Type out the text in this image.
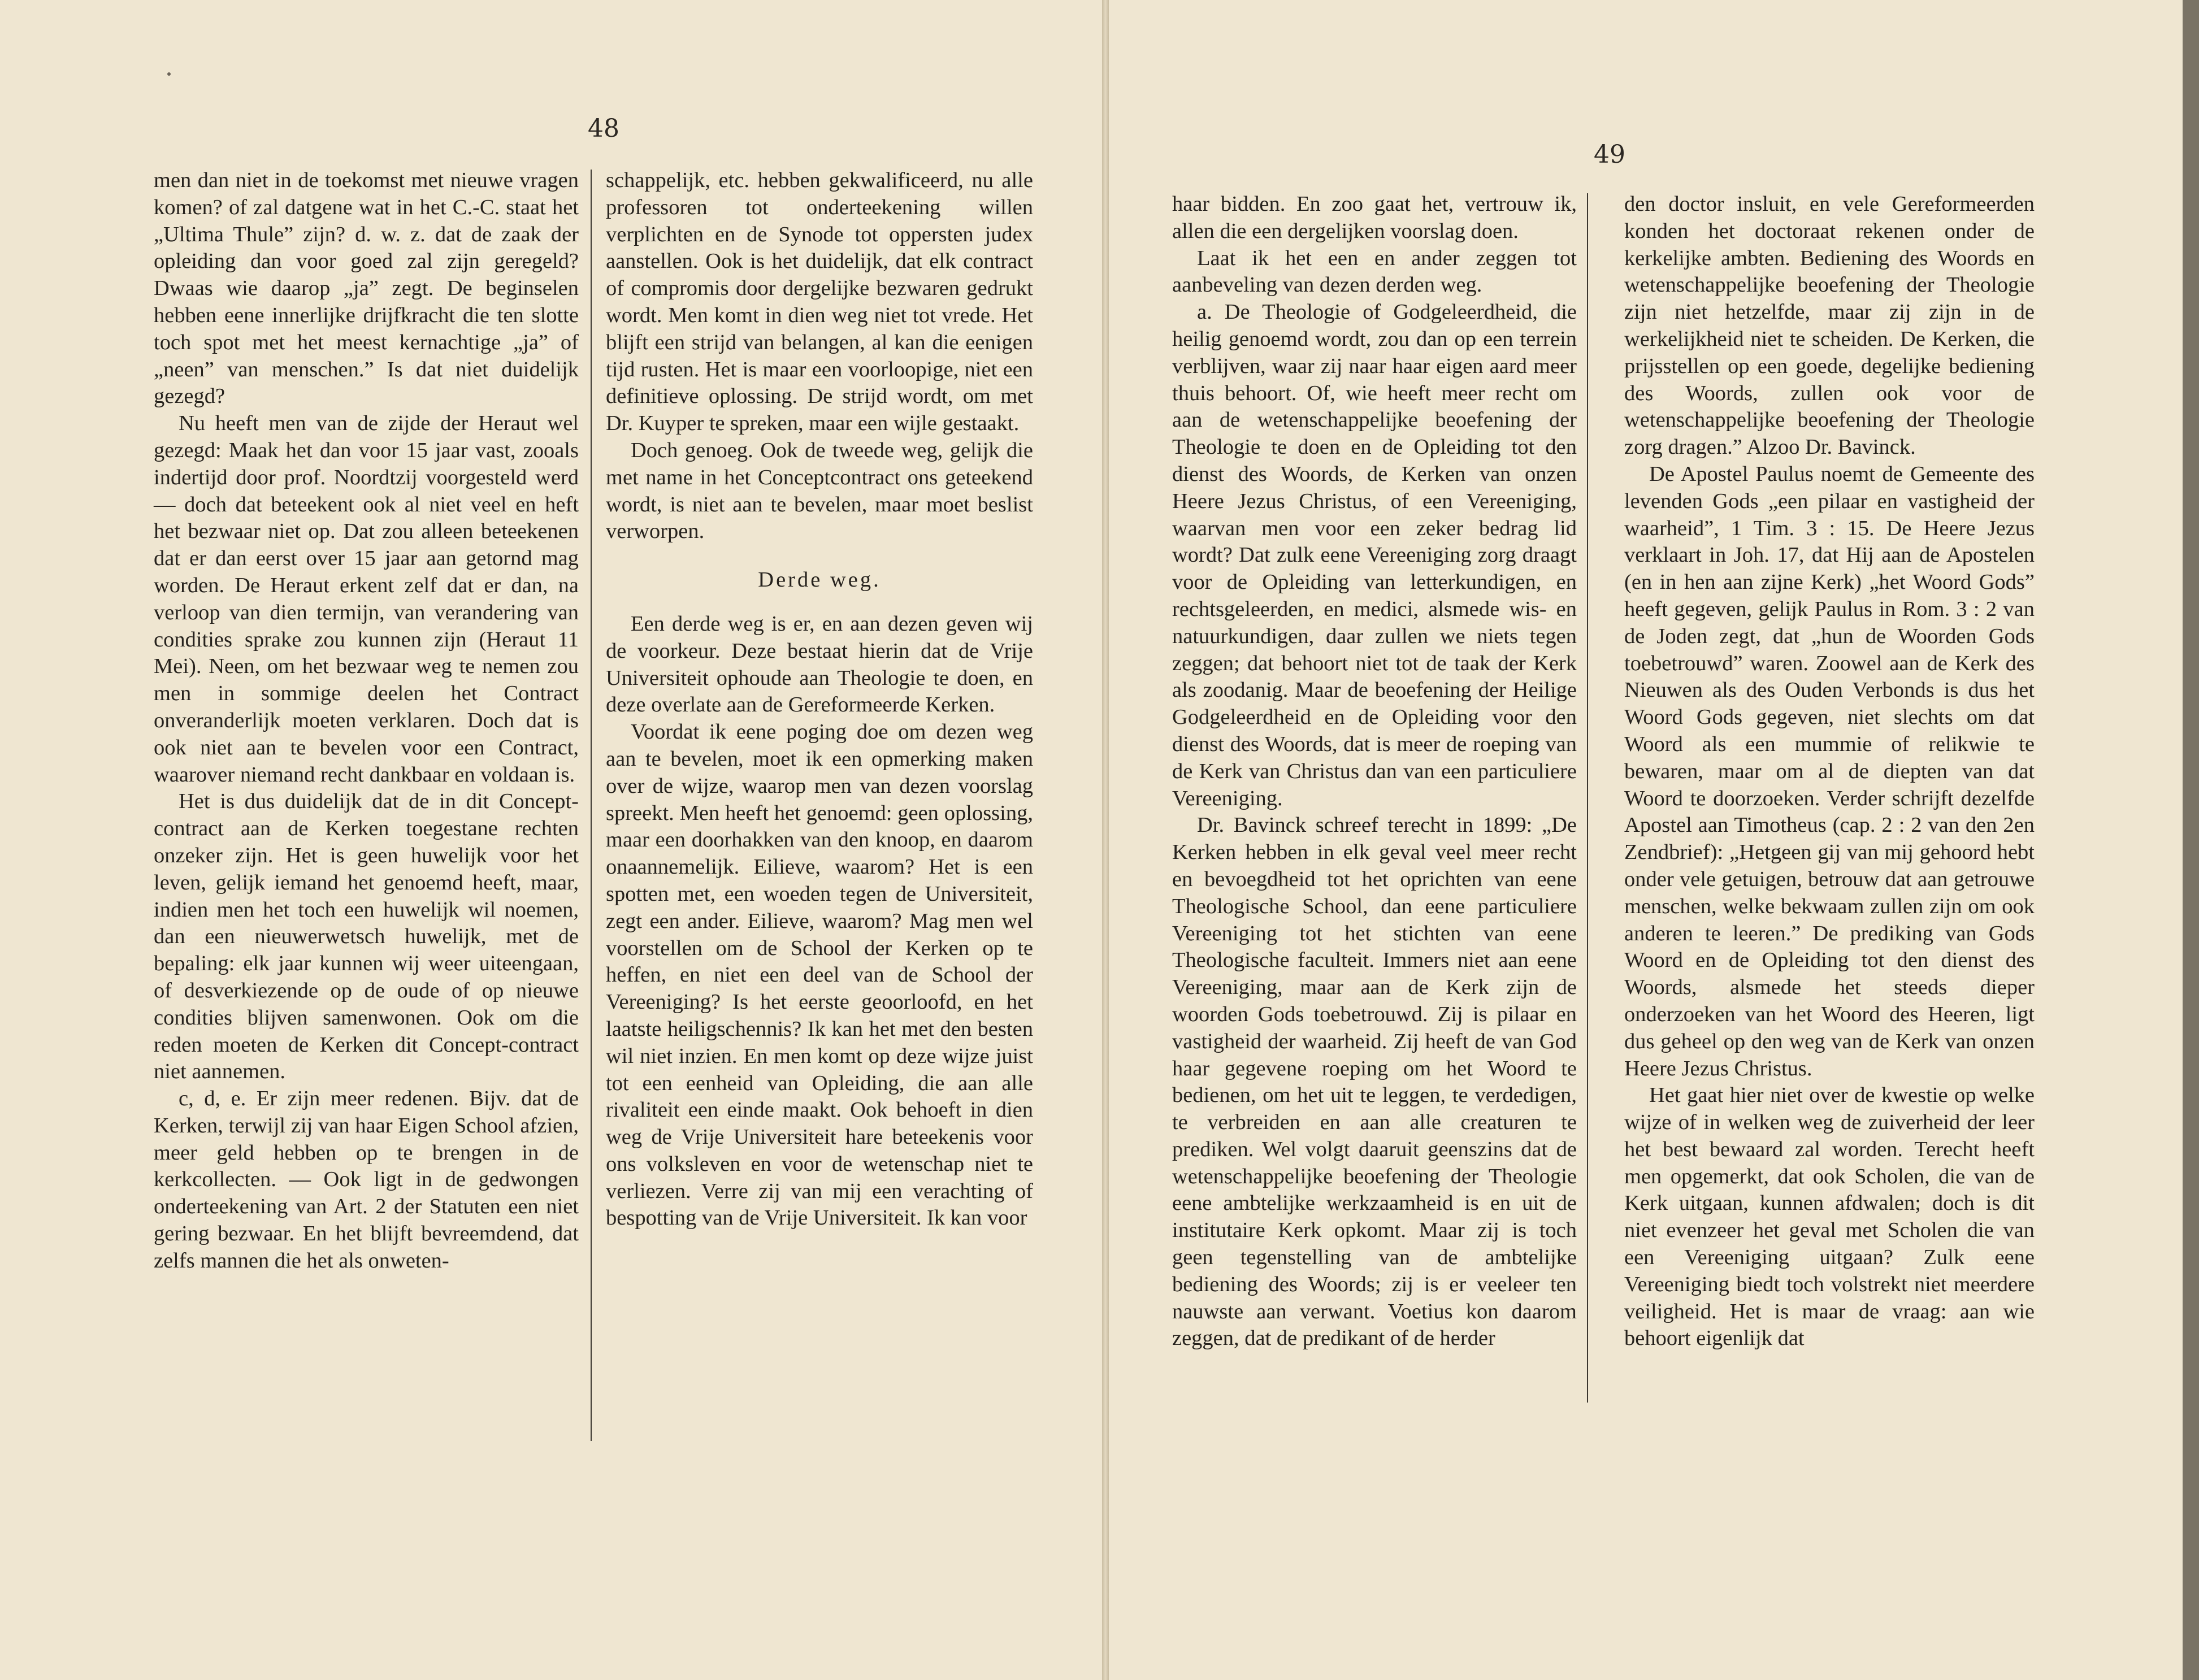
48

men dan niet in de toekomst met nieuwe vragen komen? of zal datgene wat in het C.-C. staat het „Ultima Thule” zijn? d. w. z. dat de zaak der opleiding dan voor goed zal zijn geregeld? Dwaas wie daarop „ja” zegt. De beginselen hebben eene innerlijke drijfkracht die ten slotte toch spot met het meest kernachtige „ja” of „neen” van menschen.” Is dat niet duidelijk gezegd?

Nu heeft men van de zijde der Heraut wel gezegd: Maak het dan voor 15 jaar vast, zooals indertijd door prof. Noordtzij voorgesteld werd — doch dat beteekent ook al niet veel en heft het bezwaar niet op. Dat zou alleen beteekenen dat er dan eerst over 15 jaar aan getornd mag worden. De Heraut erkent zelf dat er dan, na verloop van dien termijn, van verandering van condities sprake zou kunnen zijn (Heraut 11 Mei). Neen, om het bezwaar weg te nemen zou men in sommige deelen het Contract onveranderlijk moeten verklaren. Doch dat is ook niet aan te bevelen voor een Contract, waarover niemand recht dankbaar en voldaan is.

Het is dus duidelijk dat de in dit Concept-contract aan de Kerken toegestane rechten onzeker zijn. Het is geen huwelijk voor het leven, gelijk iemand het genoemd heeft, maar, indien men het toch een huwelijk wil noemen, dan een nieuwerwetsch huwelijk, met de bepaling: elk jaar kunnen wij weer uiteengaan, of desverkiezende op de oude of op nieuwe condities blijven samenwonen. Ook om die reden moeten de Kerken dit Concept-contract niet aannemen.

c, d, e. Er zijn meer redenen. Bijv. dat de Kerken, terwijl zij van haar Eigen School afzien, meer geld hebben op te brengen in de kerkcollecten. — Ook ligt in de gedwongen onderteekening van Art. 2 der Statuten een niet gering bezwaar. En het blijft bevreemdend, dat zelfs mannen die het als onweten-

schappelijk, etc. hebben gekwalificeerd, nu alle professoren tot onderteekening willen verplichten en de Synode tot oppersten judex aanstellen. Ook is het duidelijk, dat elk contract of compromis door dergelijke bezwaren gedrukt wordt. Men komt in dien weg niet tot vrede. Het blijft een strijd van belangen, al kan die eenigen tijd rusten. Het is maar een voorloopige, niet een definitieve oplossing. De strijd wordt, om met Dr. Kuyper te spreken, maar een wijle gestaakt.

Doch genoeg. Ook de tweede weg, gelijk die met name in het Conceptcontract ons geteekend wordt, is niet aan te bevelen, maar moet beslist verworpen.

Derde weg.

Een derde weg is er, en aan dezen geven wij de voorkeur. Deze bestaat hierin dat de Vrije Universiteit ophoude aan Theologie te doen, en deze overlate aan de Gereformeerde Kerken.

Voordat ik eene poging doe om dezen weg aan te bevelen, moet ik een opmerking maken over de wijze, waarop men van dezen voorslag spreekt. Men heeft het genoemd: geen oplossing, maar een doorhakken van den knoop, en daarom onaannemelijk. Eilieve, waarom? Het is een spotten met, een woeden tegen de Universiteit, zegt een ander. Eilieve, waarom? Mag men wel voorstellen om de School der Kerken op te heffen, en niet een deel van de School der Vereeniging? Is het eerste geoorloofd, en het laatste heiligschennis? Ik kan het met den besten wil niet inzien. En men komt op deze wijze juist tot een eenheid van Opleiding, die aan alle rivaliteit een einde maakt. Ook behoeft in dien weg de Vrije Universiteit hare beteekenis voor ons volksleven en voor de wetenschap niet te verliezen. Verre zij van mij een verachting of bespotting van de Vrije Universiteit. Ik kan voor

49

haar bidden. En zoo gaat het, vertrouw ik, allen die een dergelijken voorslag doen.

Laat ik het een en ander zeggen tot aanbeveling van dezen derden weg.

a. De Theologie of Godgeleerdheid, die heilig genoemd wordt, zou dan op een terrein verblijven, waar zij naar haar eigen aard meer thuis behoort. Of, wie heeft meer recht om aan de wetenschappelijke beoefening der Theologie te doen en de Opleiding tot den dienst des Woords, de Kerken van onzen Heere Jezus Christus, of een Vereeniging, waarvan men voor een zeker bedrag lid wordt? Dat zulk eene Vereeniging zorg draagt voor de Opleiding van letterkundigen, en rechtsgeleerden, en medici, alsmede wis- en natuurkundigen, daar zullen we niets tegen zeggen; dat behoort niet tot de taak der Kerk als zoodanig. Maar de beoefening der Heilige Godgeleerdheid en de Opleiding voor den dienst des Woords, dat is meer de roeping van de Kerk van Christus dan van een particuliere Vereeniging.

Dr. Bavinck schreef terecht in 1899: „De Kerken hebben in elk geval veel meer recht en bevoegdheid tot het oprichten van eene Theologische School, dan eene particuliere Vereeniging tot het stichten van eene Theologische faculteit. Immers niet aan eene Vereeniging, maar aan de Kerk zijn de woorden Gods toebetrouwd. Zij is pilaar en vastigheid der waarheid. Zij heeft de van God haar gegevene roeping om het Woord te bedienen, om het uit te leggen, te verdedigen, te verbreiden en aan alle creaturen te prediken. Wel volgt daaruit geenszins dat de wetenschappelijke beoefening der Theologie eene ambtelijke werkzaamheid is en uit de institutaire Kerk opkomt. Maar zij is toch geen tegenstelling van de ambtelijke bediening des Woords; zij is er veeleer ten nauwste aan verwant. Voetius kon daarom zeggen, dat de predikant of de herder

den doctor insluit, en vele Gereformeerden konden het doctoraat rekenen onder de kerkelijke ambten. Bediening des Woords en wetenschappelijke beoefening der Theologie zijn niet hetzelfde, maar zij zijn in de werkelijkheid niet te scheiden. De Kerken, die prijsstellen op een goede, degelijke bediening des Woords, zullen ook voor de wetenschappelijke beoefening der Theologie zorg dragen.” Alzoo Dr. Bavinck.

De Apostel Paulus noemt de Gemeente des levenden Gods „een pilaar en vastigheid der waarheid”, 1 Tim. 3 : 15. De Heere Jezus verklaart in Joh. 17, dat Hij aan de Apostelen (en in hen aan zijne Kerk) „het Woord Gods” heeft gegeven, gelijk Paulus in Rom. 3 : 2 van de Joden zegt, dat „hun de Woorden Gods toebetrouwd” waren. Zoowel aan de Kerk des Nieuwen als des Ouden Verbonds is dus het Woord Gods gegeven, niet slechts om dat Woord als een mummie of relikwie te bewaren, maar om al de diepten van dat Woord te doorzoeken. Verder schrijft dezelfde Apostel aan Timotheus (cap. 2 : 2 van den 2en Zendbrief): „Hetgeen gij van mij gehoord hebt onder vele getuigen, betrouw dat aan getrouwe menschen, welke bekwaam zullen zijn om ook anderen te leeren.” De prediking van Gods Woord en de Opleiding tot den dienst des Woords, alsmede het steeds dieper onderzoeken van het Woord des Heeren, ligt dus geheel op den weg van de Kerk van onzen Heere Jezus Christus.

Het gaat hier niet over de kwestie op welke wijze of in welken weg de zuiverheid der leer het best bewaard zal worden. Terecht heeft men opgemerkt, dat ook Scholen, die van de Kerk uitgaan, kunnen afdwalen; doch is dit niet evenzeer het geval met Scholen die van een Vereeniging uitgaan? Zulk eene Vereeniging biedt toch volstrekt niet meerdere veiligheid. Het is maar de vraag: aan wie behoort eigenlijk dat
